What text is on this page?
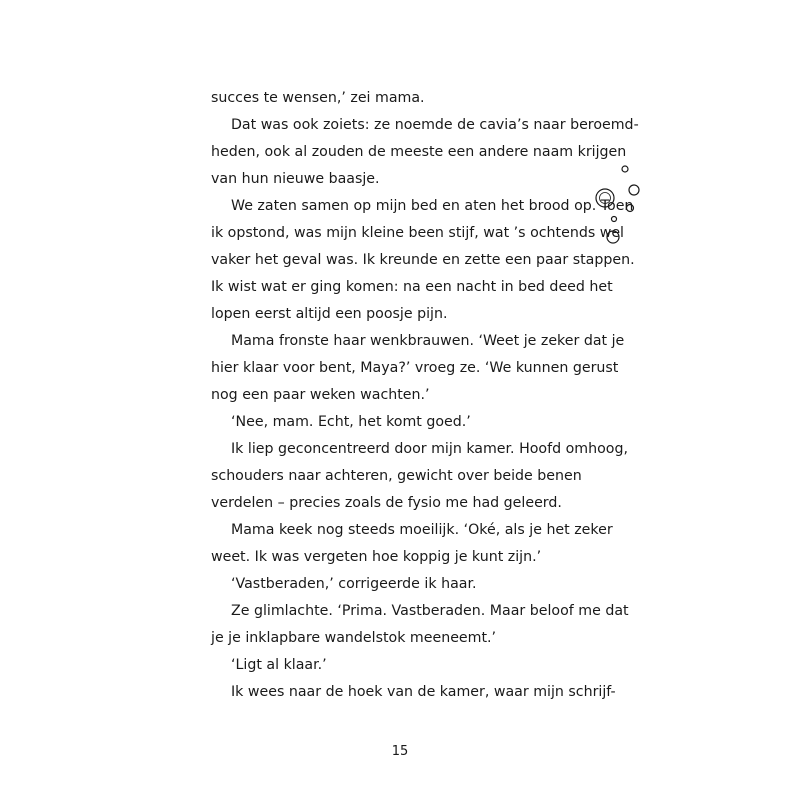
succes te wensen,’ zei mama.
Dat was ook zoiets: ze noemde de cavia’s naar beroemd-
heden, ook al zouden de meeste een andere naam krijgen
van hun nieuwe baasje.
We zaten samen op mijn bed en aten het brood op. Toen
ik opstond, was mijn kleine been stijf, wat ’s ochtends wel
vaker het geval was. Ik kreunde en zette een paar stappen.
Ik wist wat er ging komen: na een nacht in bed deed het
lopen eerst altijd een poosje pijn.
Mama fronste haar wenkbrauwen. ‘Weet je zeker dat je
hier klaar voor bent, Maya?’ vroeg ze. ‘We kunnen gerust
nog een paar weken wachten.’
‘Nee, mam. Echt, het komt goed.’
Ik liep geconcentreerd door mijn kamer. Hoofd omhoog,
schouders naar achteren, gewicht over beide benen
verdelen – precies zoals de fysio me had geleerd.
Mama keek nog steeds moeilijk. ‘Oké, als je het zeker
weet. Ik was vergeten hoe koppig je kunt zijn.’
‘Vastberaden,’ corrigeerde ik haar.
Ze glimlachte. ‘Prima. Vastberaden. Maar beloof me dat
je je inklapbare wandelstok meeneemt.’
‘Ligt al klaar.’
Ik wees naar de hoek van de kamer, waar mijn schrijf-
15
